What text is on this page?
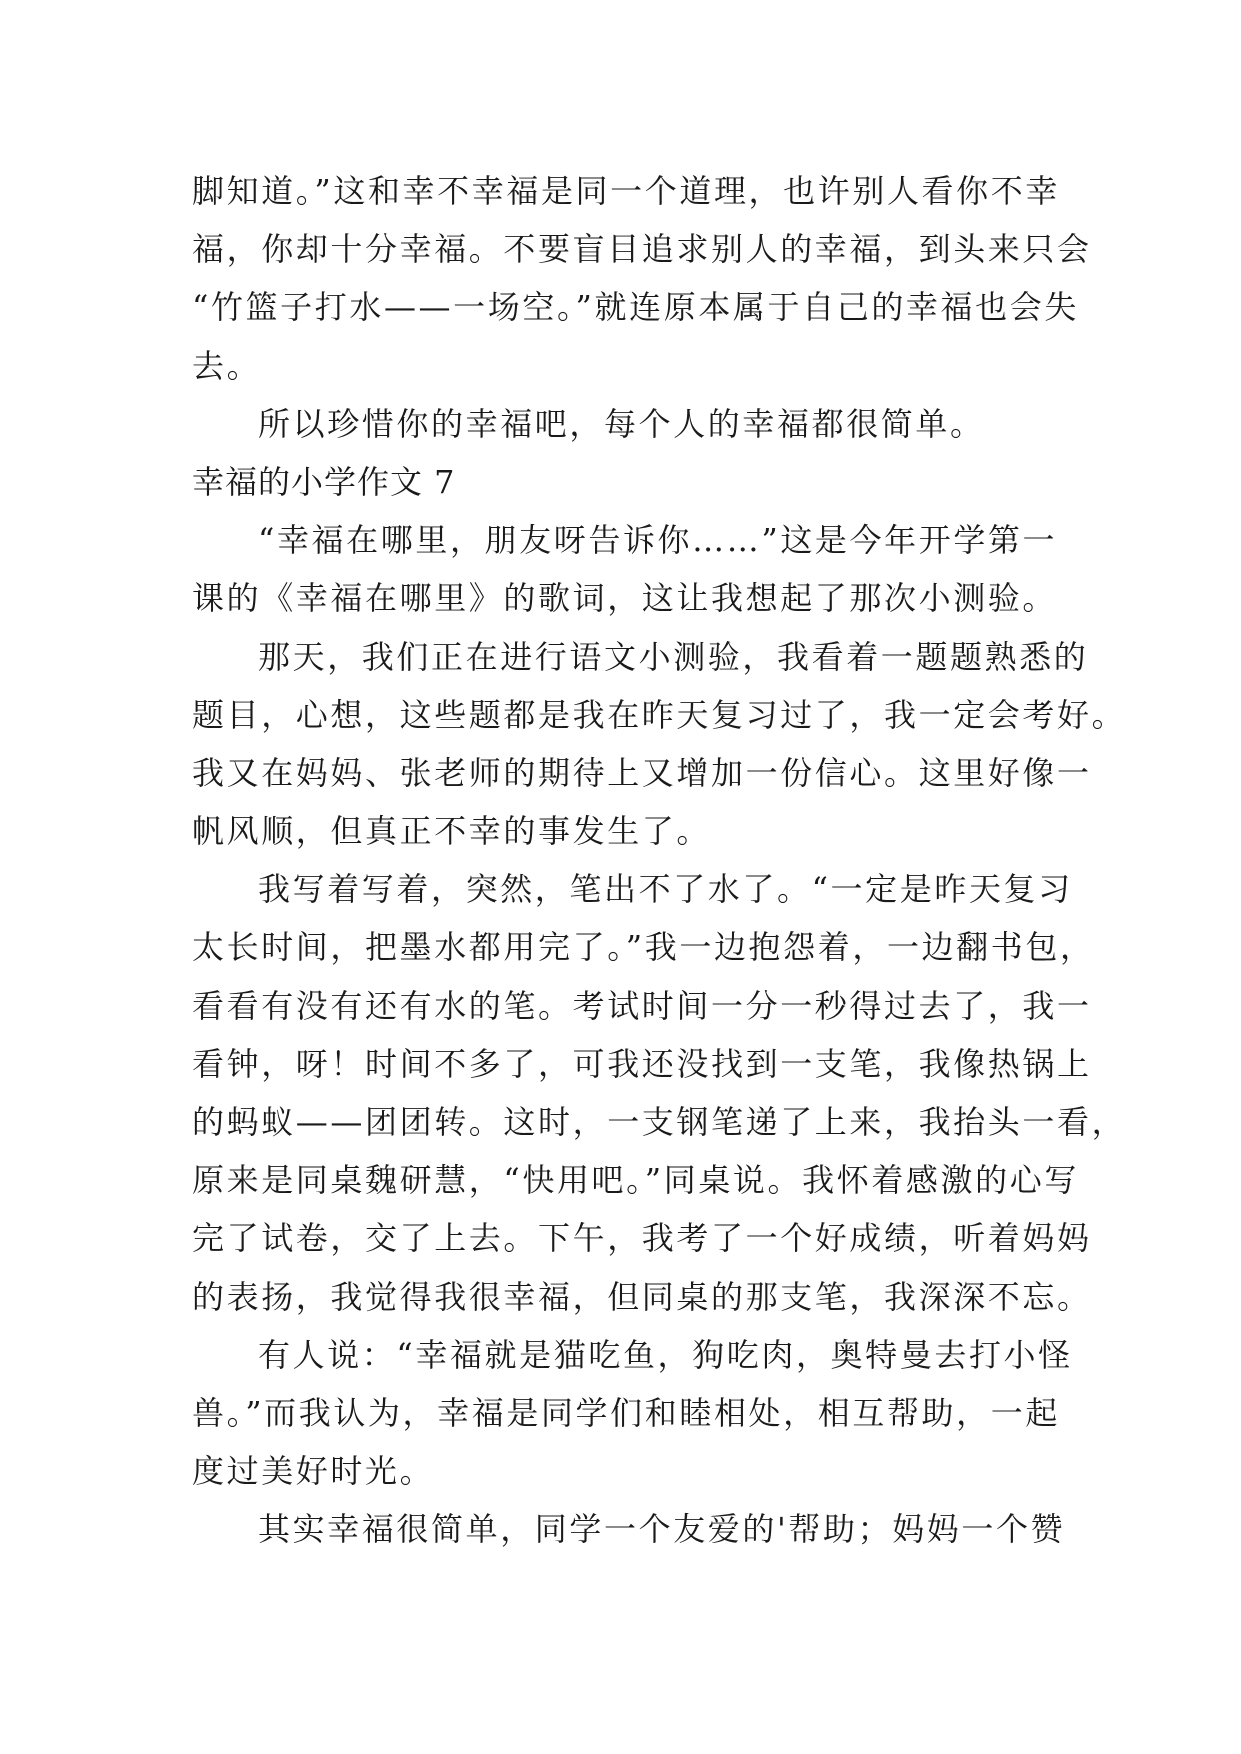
脚知道。”这和幸不幸福是同一个道理，也许别人看你不幸

福，你却十分幸福。不要盲目追求别人的幸福，到头来只会

“竹篮子打水——一场空。”就连原本属于自己的幸福也会失

去。

所以珍惜你的幸福吧，每个人的幸福都很简单。

幸福的小学作文 7

“幸福在哪里，朋友呀告诉你……”这是今年开学第一

课的《幸福在哪里》的歌词，这让我想起了那次小测验。

那天，我们正在进行语文小测验，我看着一题题熟悉的

题目，心想，这些题都是我在昨天复习过了，我一定会考好。

我又在妈妈、张老师的期待上又增加一份信心。这里好像一

帆风顺，但真正不幸的事发生了。

我写着写着，突然，笔出不了水了。“一定是昨天复习

太长时间，把墨水都用完了。”我一边抱怨着，一边翻书包，

看看有没有还有水的笔。考试时间一分一秒得过去了，我一

看钟，呀！时间不多了，可我还没找到一支笔，我像热锅上

的蚂蚁——团团转。这时，一支钢笔递了上来，我抬头一看，

原来是同桌魏研慧，“快用吧。”同桌说。我怀着感激的心写

完了试卷，交了上去。下午，我考了一个好成绩，听着妈妈

的表扬，我觉得我很幸福，但同桌的那支笔，我深深不忘。

有人说：“幸福就是猫吃鱼，狗吃肉，奥特曼去打小怪

兽。”而我认为，幸福是同学们和睦相处，相互帮助，一起

度过美好时光。

其实幸福很简单，同学一个友爱的'帮助；妈妈一个赞
